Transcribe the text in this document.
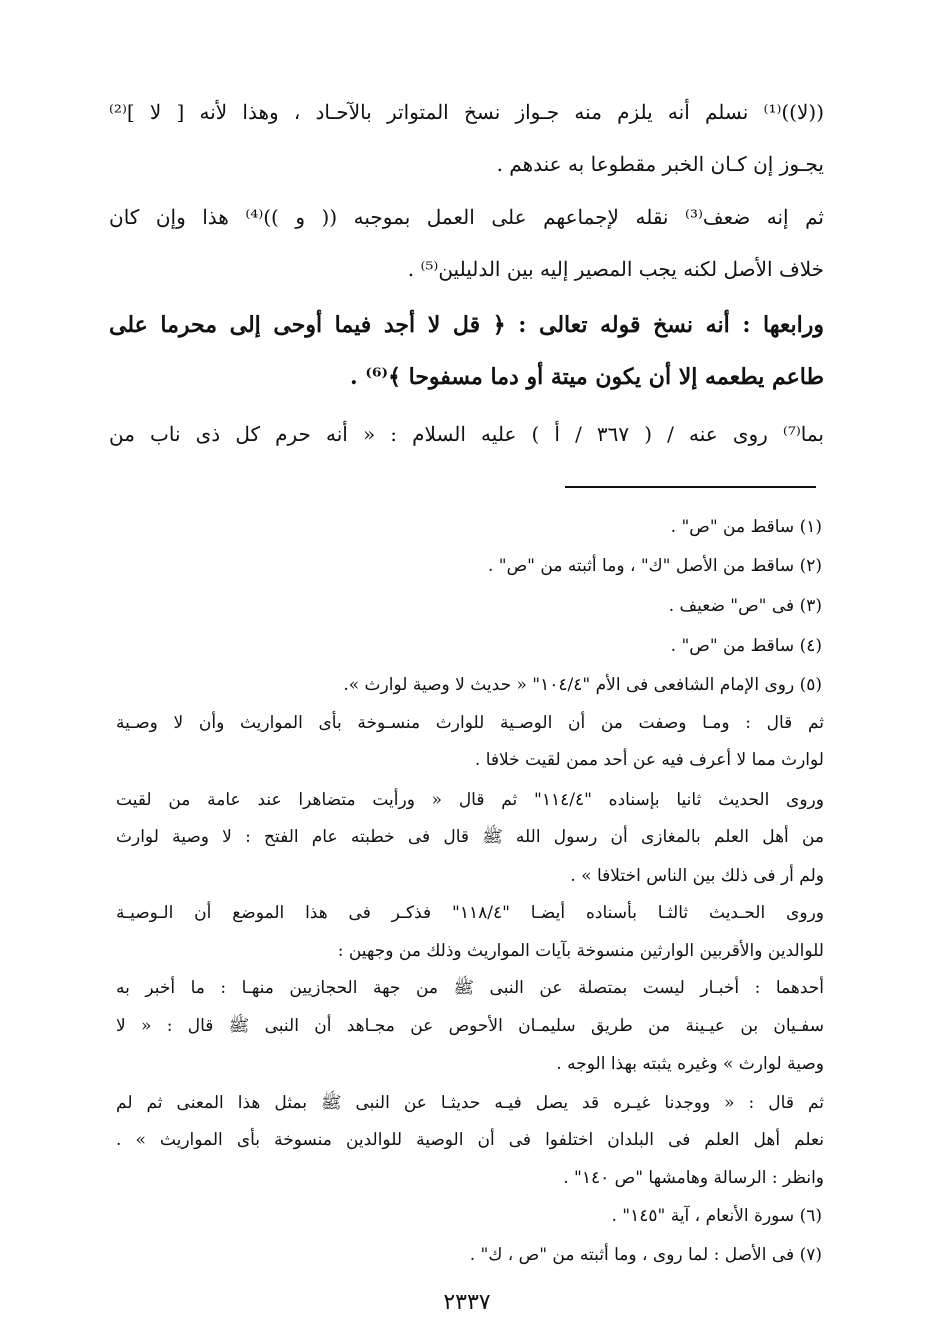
((لا))⁽¹⁾ نسلم أنه يلزم منه جـواز نسخ المتواتر بالآحـاد ، وهذا لأنه [ لا ]⁽²⁾
يجـوز إن كـان الخبر مقطوعا به عندهم .
ثم إنه ضعف⁽³⁾ نقله لإجماعهم على العمل بموجبه (( و ))⁽⁴⁾ هذا وإن كان
خلاف الأصل لكنه يجب المصير إليه بين الدليلين⁽⁵⁾ .
ورابعها : أنه نسخ قوله تعالى : ﴿ قل لا أجد فيما أوحى إلى محرما على
طاعم يطعمه إلا أن يكون ميتة أو دما مسفوحا ﴾⁽⁶⁾ .
بما⁽⁷⁾ روى عنه / ( ٣٦٧ / أ ) عليه السلام : « أنه حرم كل ذى ناب من
(١) ساقط من "ص" .
(٢) ساقط من الأصل "ك" ، وما أثبته من "ص" .
(٣) فى "ص" ضعيف .
(٤) ساقط من "ص" .
(٥) روى الإمام الشافعى فى الأم "١٠٤/٤" « حديث لا وصية لوارث ».
ثم قال : ومـا وصفت من أن الوصـية للوارث منسـوخة بأى المواريث وأن لا وصـية
لوارث مما لا أعرف فيه عن أحد ممن لقيت خلافا .
وروى الحديث ثانيا بإسناده "١١٤/٤" ثم قال « ورأيت متضاهرا عند عامة من لقيت
من أهل العلم بالمغازى أن رسول الله ﷺ قال فى خطبته عام الفتح : لا وصية لوارث
ولم أر فى ذلك بين الناس اختلافا » .
وروى الحـديث ثالثـا بأسناده أيضـا "١١٨/٤" فذكـر فى هذا الموضع أن الـوصيـة
للوالدين والأقربين الوارثين منسوخة بآيات المواريث وذلك من وجهين :
أحدهما : أخبـار ليست بمتصلة عن النبى ﷺ من جهة الحجازيين منهـا : ما أخبر به
سفـيان بن عيـينة من طريق سليمـان الأحوص عن مجـاهد أن النبى ﷺ قال : « لا
وصية لوارث » وغيره يثبته بهذا الوجه .
ثم قال : « ووجدنا غيـره قد يصل فيـه حديثـا عن النبى ﷺ بمثل هذا المعنى ثم لم
نعلم أهل العلم فى البلدان اختلفوا فى أن الوصية للوالدين منسوخة بأى المواريث » .
وانظر : الرسالة وهامشها "ص ١٤٠" .
(٦) سورة الأنعام ، آية "١٤٥" .
(٧) فى الأصل : لما روى ، وما أثبته من "ص ، ك" .
٢٣٣٧
